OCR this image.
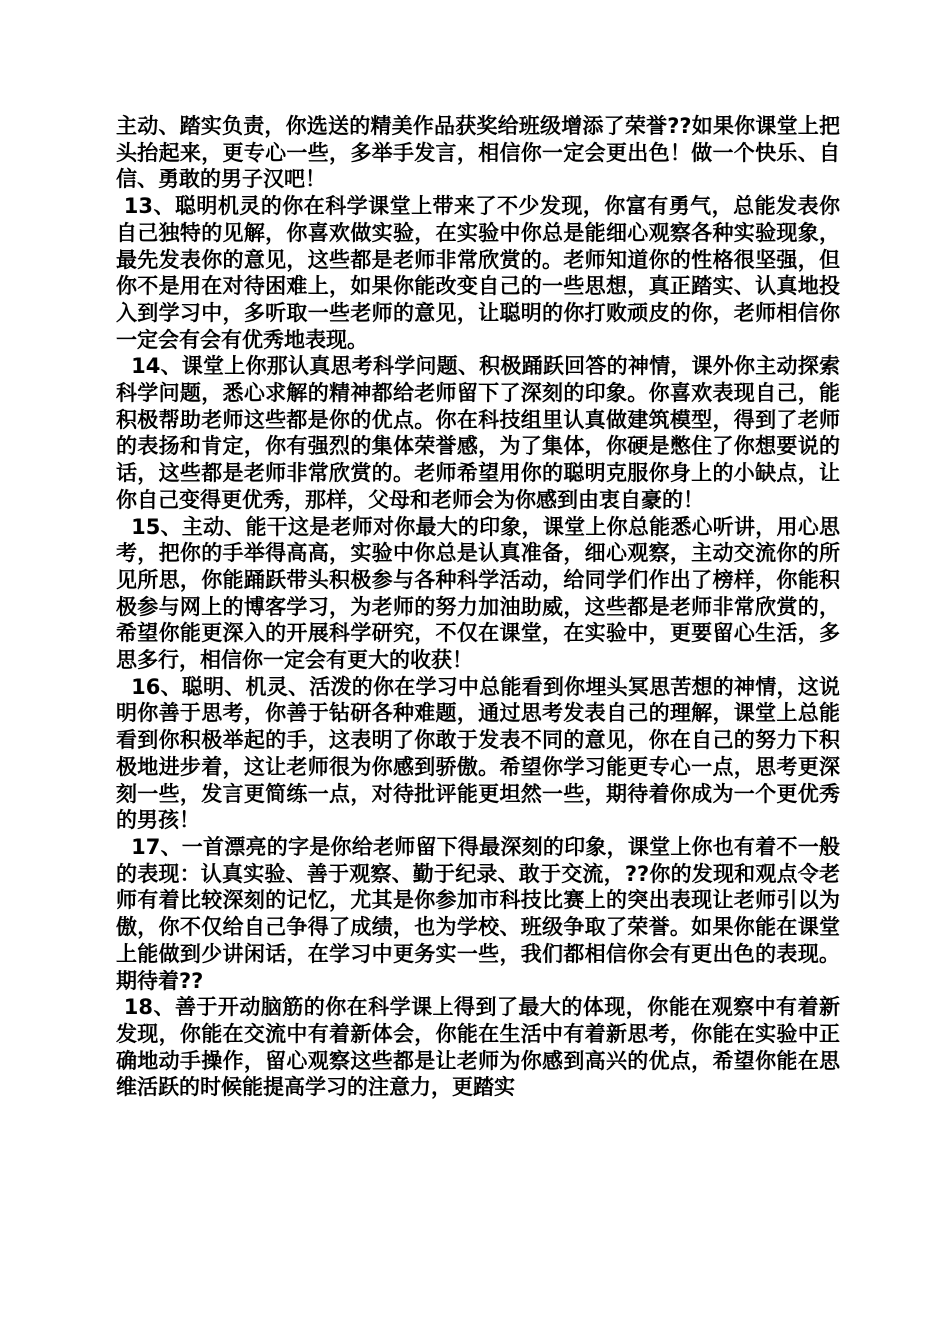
主动、踏实负责，你选送的精美作品获奖给班级增添了荣誉??如果你课堂上把头抬起来，更专心一些，多举手发言，相信你一定会更出色！做一个快乐、自信、勇敢的男子汉吧！

13、聪明机灵的你在科学课堂上带来了不少发现，你富有勇气，总能发表你自己独特的见解，你喜欢做实验，在实验中你总是能细心观察各种实验现象，最先发表你的意见，这些都是老师非常欣赏的。老师知道你的性格很坚强，但你不是用在对待困难上，如果你能改变自己的一些思想，真正踏实、认真地投入到学习中，多听取一些老师的意见，让聪明的你打败顽皮的你，老师相信你一定会有会有优秀地表现。

14、课堂上你那认真思考科学问题、积极踊跃回答的神情，课外你主动探索科学问题，悉心求解的精神都给老师留下了深刻的印象。你喜欢表现自己，能积极帮助老师这些都是你的优点。你在科技组里认真做建筑模型，得到了老师的表扬和肯定，你有强烈的集体荣誉感，为了集体，你硬是憋住了你想要说的话，这些都是老师非常欣赏的。老师希望用你的聪明克服你身上的小缺点，让你自己变得更优秀，那样，父母和老师会为你感到由衷自豪的！

15、主动、能干这是老师对你最大的印象，课堂上你总能悉心听讲，用心思考，把你的手举得高高，实验中你总是认真准备，细心观察，主动交流你的所见所思，你能踊跃带头积极参与各种科学活动，给同学们作出了榜样，你能积极参与网上的博客学习，为老师的努力加油助威，这些都是老师非常欣赏的，希望你能更深入的开展科学研究，不仅在课堂，在实验中，更要留心生活，多思多行，相信你一定会有更大的收获！

16、聪明、机灵、活泼的你在学习中总能看到你埋头冥思苦想的神情，这说明你善于思考，你善于钻研各种难题，通过思考发表自己的理解，课堂上总能看到你积极举起的手，这表明了你敢于发表不同的意见，你在自己的努力下积极地进步着，这让老师很为你感到骄傲。希望你学习能更专心一点，思考更深刻一些，发言更简练一点，对待批评能更坦然一些，期待着你成为一个更优秀的男孩！

17、一首漂亮的字是你给老师留下得最深刻的印象，课堂上你也有着不一般的表现：认真实验、善于观察、勤于纪录、敢于交流，??你的发现和观点令老师有着比较深刻的记忆，尤其是你参加市科技比赛上的突出表现让老师引以为傲，你不仅给自己争得了成绩，也为学校、班级争取了荣誉。如果你能在课堂上能做到少讲闲话，在学习中更务实一些，我们都相信你会有更出色的表现。期待着??

18、善于开动脑筋的你在科学课上得到了最大的体现，你能在观察中有着新发现，你能在交流中有着新体会，你能在生活中有着新思考，你能在实验中正确地动手操作，留心观察这些都是让老师为你感到高兴的优点，希望你能在思维活跃的时候能提高学习的注意力，更踏实
